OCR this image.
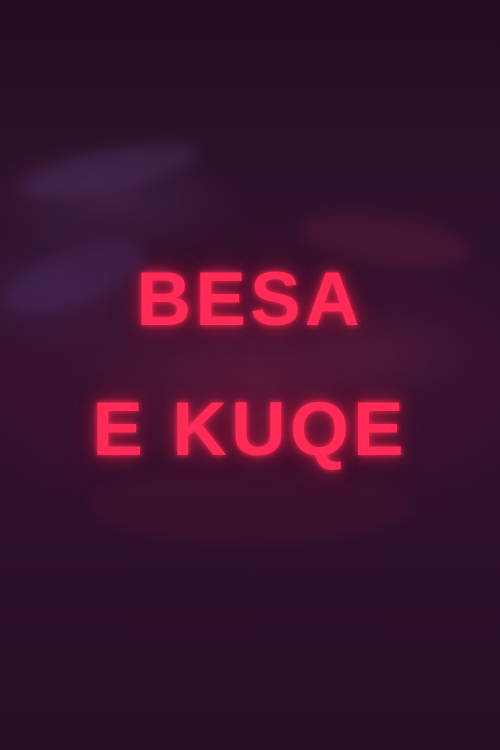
BESA
E KUQE
